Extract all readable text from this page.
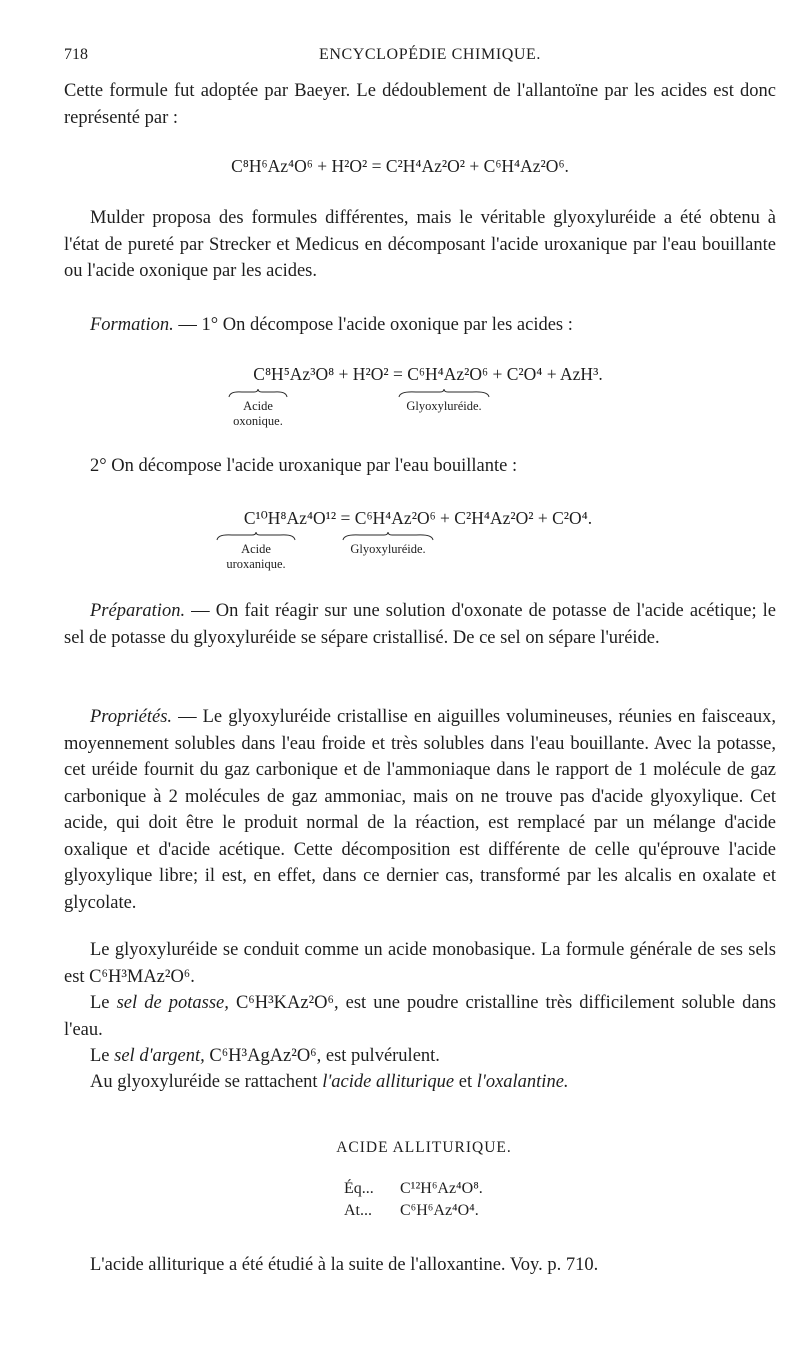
718	ENCYCLOPÉDIE CHIMIQUE.
Cette formule fut adoptée par Baeyer. Le dédoublement de l'allantoïne par les acides est donc représenté par :
C⁸H⁶Az⁴O⁶ + H²O² = C²H⁴Az²O² + C⁶H⁴Az²O⁶.
Mulder proposa des formules différentes, mais le véritable glyoxyluréide a été obtenu à l'état de pureté par Strecker et Medicus en décomposant l'acide uroxanique par l'eau bouillante ou l'acide oxonique par les acides.
Formation. — 1° On décompose l'acide oxonique par les acides :
C⁸H⁵Az³O⁸ + H²O² = C⁶H⁴Az²O⁶ + C²O⁴ + AzH³.
Acide
oxonique.
Glyoxyluréide.
2° On décompose l'acide uroxanique par l'eau bouillante :
C¹⁰H⁸Az⁴O¹² = C⁶H⁴Az²O⁶ + C²H⁴Az²O² + C²O⁴.
Acide
uroxanique.
Glyoxyluréide.
Préparation. — On fait réagir sur une solution d'oxonate de potasse de l'acide acétique; le sel de potasse du glyoxyluréide se sépare cristallisé. De ce sel on sépare l'uréide.
Propriétés. — Le glyoxyluréide cristallise en aiguilles volumineuses, réunies en faisceaux, moyennement solubles dans l'eau froide et très solubles dans l'eau bouillante. Avec la potasse, cet uréide fournit du gaz carbonique et de l'ammoniaque dans le rapport de 1 molécule de gaz carbonique à 2 molécules de gaz ammoniac, mais on ne trouve pas d'acide glyoxylique. Cet acide, qui doit être le produit normal de la réaction, est remplacé par un mélange d'acide oxalique et d'acide acétique. Cette décomposition est différente de celle qu'éprouve l'acide glyoxylique libre; il est, en effet, dans ce dernier cas, transformé par les alcalis en oxalate et glycolate.
Le glyoxyluréide se conduit comme un acide monobasique. La formule générale de ses sels est C⁶H³MAz²O⁶.
Le sel de potasse, C⁶H³KAz²O⁶, est une poudre cristalline très difficilement soluble dans l'eau.
Le sel d'argent, C⁶H³AgAz²O⁶, est pulvérulent.
Au glyoxyluréide se rattachent l'acide alliturique et l'oxalantine.
ACIDE ALLITURIQUE.
Éq... C¹²H⁶Az⁴O⁸.
At... C⁶H⁶Az⁴O⁴.
L'acide alliturique a été étudié à la suite de l'alloxantine. Voy. p. 710.
